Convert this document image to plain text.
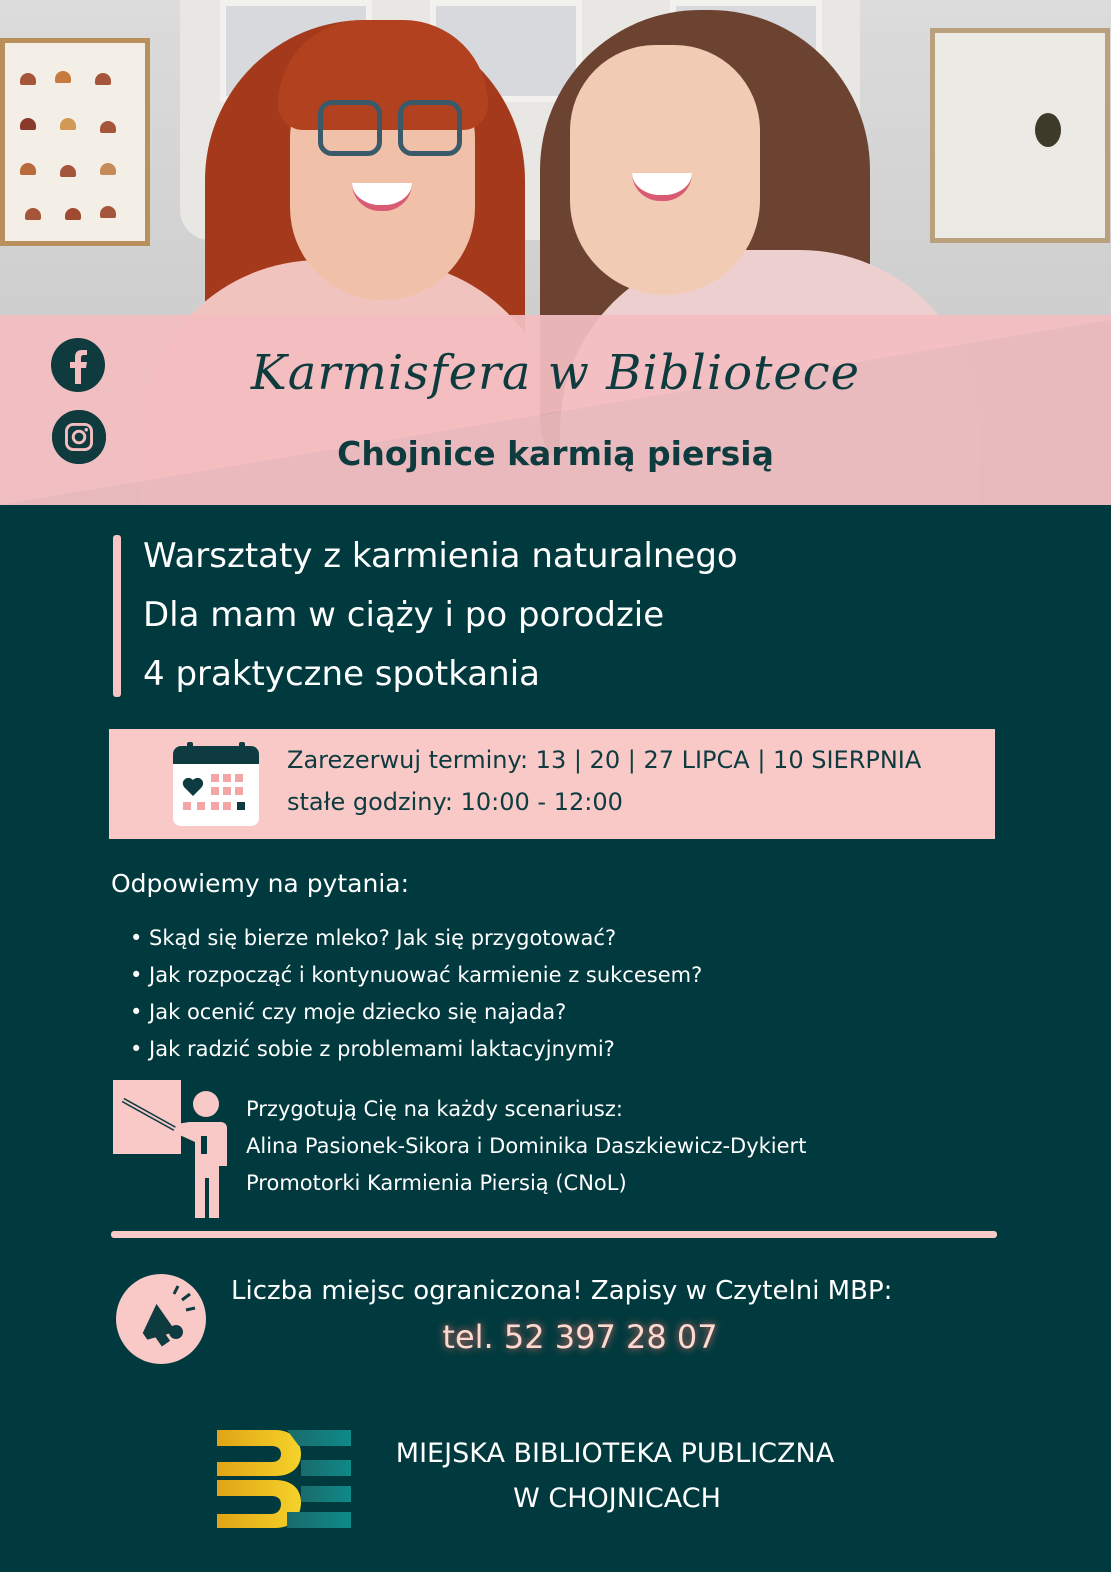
Karmisfera w Bibliotece
Chojnice karmią piersią
Warsztaty z karmienia naturalnego
Dla mam w ciąży i po porodzie
4 praktyczne spotkania
Zarezerwuj terminy: 13 | 20 | 27 LIPCA | 10 SIERPNIA
stałe godziny: 10:00 - 12:00
Odpowiemy na pytania:
• Skąd się bierze mleko? Jak się przygotować?
• Jak rozpocząć i kontynuować karmienie z sukcesem?
• Jak ocenić czy moje dziecko się najada?
• Jak radzić sobie z problemami laktacyjnymi?
Przygotują Cię na każdy scenariusz:
Alina Pasionek-Sikora i Dominika Daszkiewicz-Dykiert
Promotorki Karmienia Piersią (CNoL)
Liczba miejsc ograniczona! Zapisy w Czytelni MBP:
tel. 52 397 28 07
MIEJSKA BIBLIOTEKA PUBLICZNA
W CHOJNICACH
